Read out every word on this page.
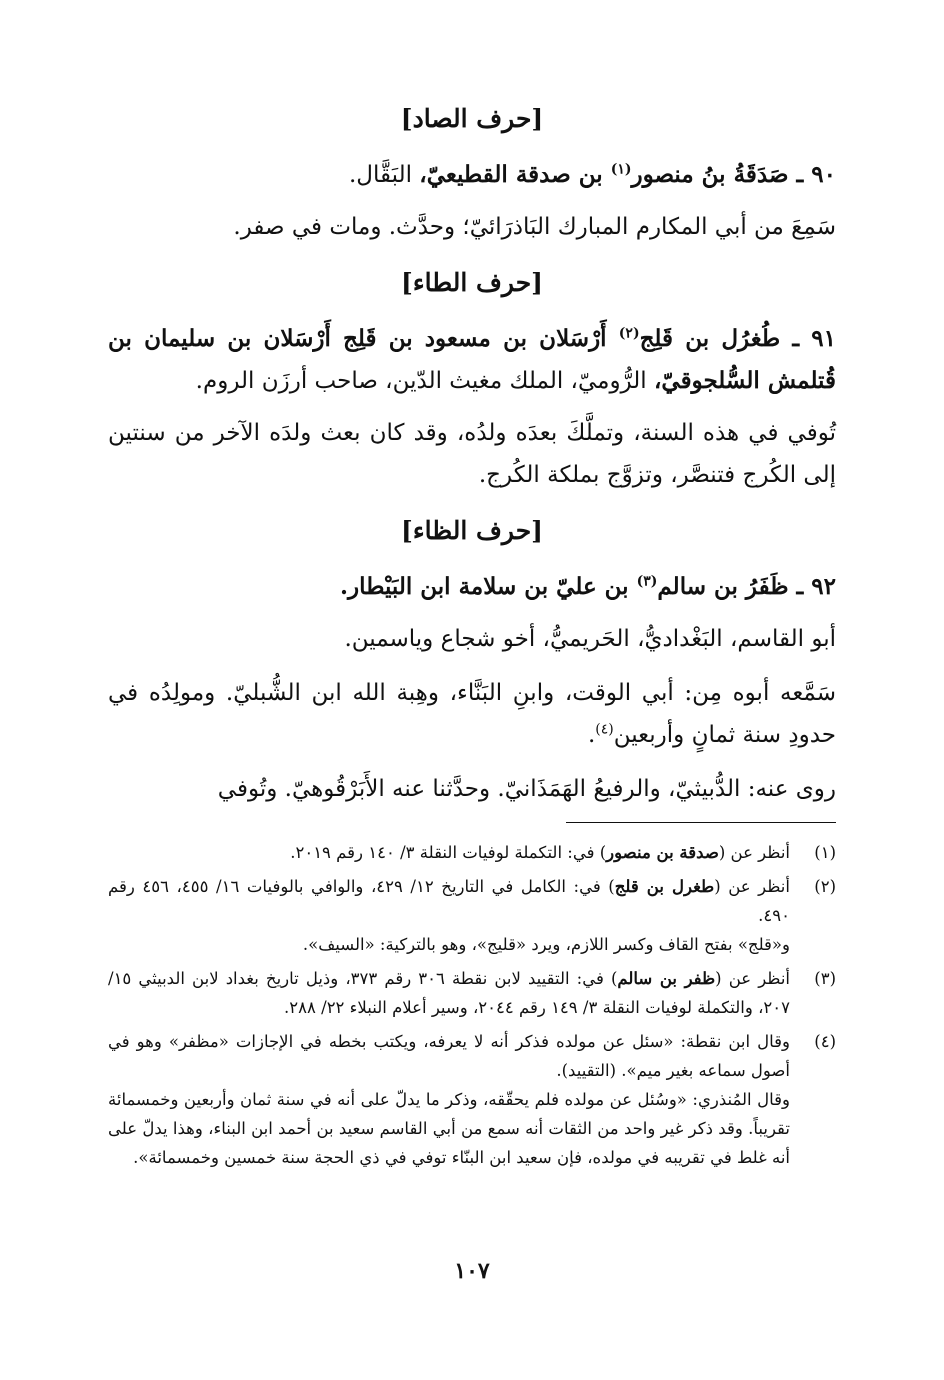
[حرف الصاد]
٩٠ ـ صَدَقَةُ بنُ منصور$^{(١)}$ بن صدقة القطيعيّ، البَقَّال.

سَمِعَ من أبي المكارم المبارك البَاذرَائيّ؛ وحدَّث. ومات في صفر.

[حرف الطاء]
٩١ ـ طُغرُل بن قَلِج$^{(٢)}$ أَرْسَلان بن مسعود بن قَلِج أَرْسَلان بن سليمان بن قُتلمش السُّلجوقيّ، الرُّوميّ، الملك مغيث الدّين، صاحب أرزَن الروم.

تُوفي في هذه السنة، وتملَّكَ بعدَه ولدُه، وقد كان بعث ولدَه الآخر من سنتين إلى الكُرج فتنصَّر، وتزوَّج بملكة الكُرج.

[حرف الظاء]
٩٢ ـ ظَفَرُ بن سالم$^{(٣)}$ بن عليّ بن سلامة ابن البَيْطار.

أبو القاسم، البَغْداديُّ، الحَريميُّ، أخو شجاع وياسمين.

سَمَّعه أبوه مِن: أبي الوقت، وابنِ البَنَّاء، وهِبة الله ابن الشُّبليّ. ومولِدُه في حدودِ سنة ثمانٍ وأربعين$^{(٤)}$.

روى عنه: الدُّبيثيّ، والرفيعُ الهَمَذَانيّ. وحدَّثنا عنه الأَبَرْقُوهيّ. وتُوفي

(١)

أنظر عن (صدقة بن منصور) في: التكملة لوفيات النقلة ٣/ ١٤٠ رقم ٢٠١٩.

(٢)

أنظر عن (طغرل بن قلج) في: الكامل في التاريخ ١٢/ ٤٢٩، والوافي بالوفيات ١٦/ ٤٥٥، ٤٥٦ رقم ٤٩٠.

و«قلج» بفتح القاف وكسر اللازم، ويرد «قليج»، وهو بالتركية: «السيف».

(٣)

أنظر عن (ظفر بن سالم) في: التقييد لابن نقطة ٣٠٦ رقم ٣٧٣، وذيل تاريخ بغداد لابن الدبيثي ١٥/ ٢٠٧، والتكملة لوفيات النقلة ٣/ ١٤٩ رقم ٢٠٤٤، وسير أعلام النبلاء ٢٢/ ٢٨٨.

(٤)

وقال ابن نقطة: «سئل عن مولده فذكر أنه لا يعرفه، ويكتب بخطه في الإجازات «مظفر» وهو في أصول سماعه بغير ميم». (التقييد).

وقال المُنذري: «وسُئل عن مولده فلم يحقّقه، وذكر ما يدلّ على أنه في سنة ثمان وأربعين وخمسمائة تقريباً. وقد ذكر غير واحد من الثقات أنه سمع من أبي القاسم سعيد بن أحمد ابن البناء، وهذا يدلّ على أنه غلط في تقريبه في مولده، فإن سعيد ابن البنّاء توفي في ذي الحجة سنة خمسين وخمسمائة».

١٠٧
